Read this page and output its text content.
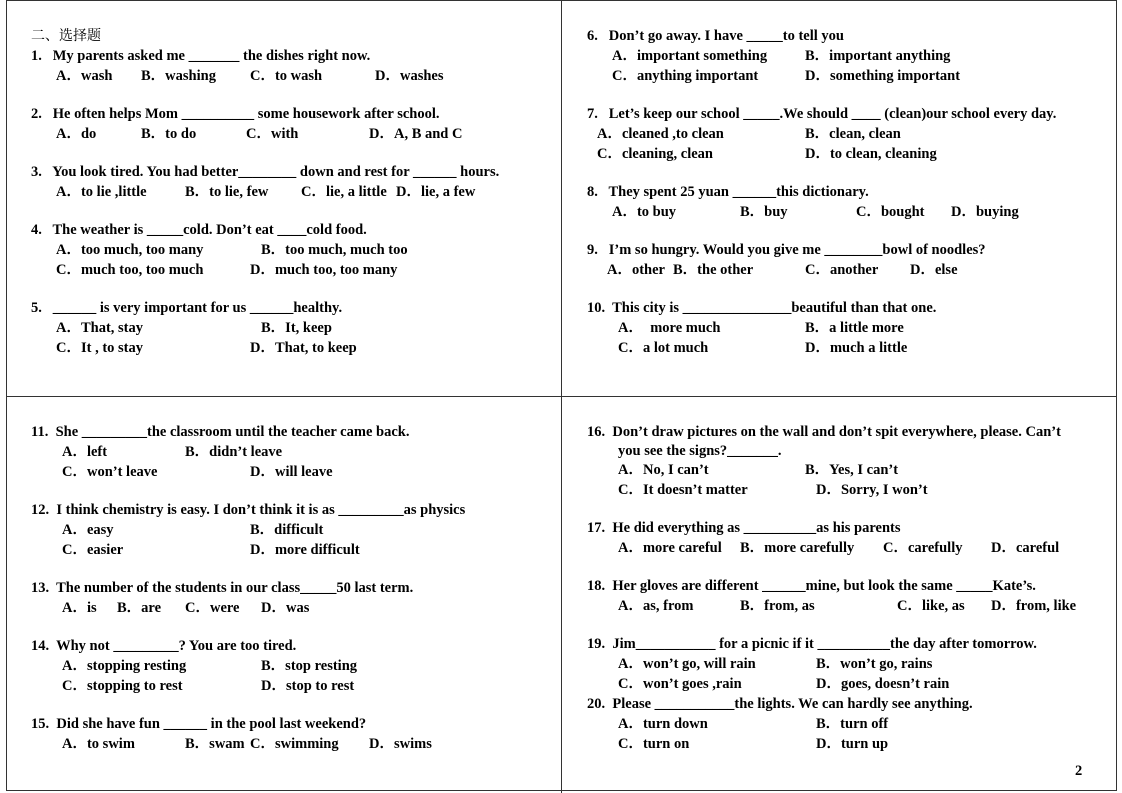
二、选择题
1.   My parents asked me _______ the dishes right now.
A．wash B．washing C．to wash	D．washes
2.   He often helps Mom __________ some housework after school.
A．do	B．to do	C．with	D．A, B and C
3.   You look tired. You had better________ down and rest for ______ hours.
A．to lie ,little	B．to lie, few C．lie, a little D．lie, a few
4.   The weather is _____cold. Don’t eat ____cold food.
A．too much, too many	B．too much, much too
C．much too, too much	D．much too, too many
5.   ______ is very important for us ______healthy.
A．That, stay	B．It, keep
C．It , to stay	D．That, to keep
6.   Don’t go away. I have _____to tell you
A．important something	B．important anything
C．anything important	D．something important
7.   Let’s keep our school _____.We should ____ (clean)our school every day.
A．cleaned ,to clean	B．clean, clean
C．cleaning, clean	D．to clean, cleaning
8.   They spent 25 yuan ______this dictionary.
A．to buy	B．buy	C．bought D．buying
9.   I’m so hungry. Would you give me ________bowl of noodles?
A．other B．the other	C．another D．else
10.  This city is _______________beautiful than that one.
A．  more much	B．a little more
C．a lot much	D．much a little
11.  She _________the classroom until the teacher came back.
A．left	B．didn’t leave
C．won’t leave	D．will leave
12.  I think chemistry is easy. I don’t think it is as _________as physics
A．easy	B．difficult
C．easier	D．more difficult
13.  The number of the students in our class_____50 last term.
A．is B．are C．were D．was
14.  Why not _________? You are too tired.
A．stopping resting	B．stop resting
C．stopping to rest	D．stop to rest
15.  Did she have fun ______ in the pool last weekend?
A．to swim	B．swam C．swimming D．swims
16.  Don’t draw pictures on the wall and don’t spit everywhere, please. Can’t
you see the signs?_______.
A．No, I can’t	B．Yes, I can’t
C．It doesn’t matter	D．Sorry, I won’t
17.  He did everything as __________as his parents
A．more careful B．more carefully C．carefully D．careful
18.  Her gloves are different ______mine, but look the same _____Kate’s.
A．as, from	B．from, as	C．like, as D．from, like
19.  Jim___________ for a picnic if it __________the day after tomorrow.
A．won’t go, will rain	B．won’t go, rains
C．won’t goes ,rain	D．goes, doesn’t rain
20.  Please ___________the lights. We can hardly see anything.
A．turn down	B．turn off
C．turn on	D．turn up
2
